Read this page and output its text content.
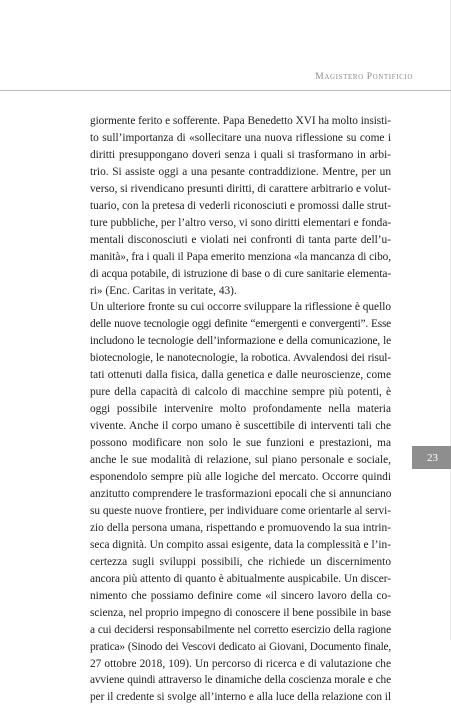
Magistero Pontificio
giormente ferito e sofferente. Papa Benedetto XVI ha molto insisti-
to sull’importanza di «sollecitare una nuova riflessione su come i
diritti presuppongano doveri senza i quali si trasformano in arbi-
trio. Si assiste oggi a una pesante contraddizione. Mentre, per un
verso, si rivendicano presunti diritti, di carattere arbitrario e volut-
tuario, con la pretesa di vederli riconosciuti e promossi dalle strut-
ture pubbliche, per l’altro verso, vi sono diritti elementari e fonda-
mentali disconosciuti e violati nei confronti di tanta parte dell’u-
manità», fra i quali il Papa emerito menziona «la mancanza di cibo,
di acqua potabile, di istruzione di base o di cure sanitarie elementa-
ri» (Enc. Caritas in veritate, 43).
Un ulteriore fronte su cui occorre sviluppare la riflessione è quello
delle nuove tecnologie oggi definite “emergenti e convergenti”. Esse
includono le tecnologie dell’informazione e della comunicazione, le
biotecnologie, le nanotecnologie, la robotica. Avvalendosi dei risul-
tati ottenuti dalla fisica, dalla genetica e dalle neuroscienze, come
pure della capacità di calcolo di macchine sempre più potenti, è
oggi possibile intervenire molto profondamente nella materia
vivente. Anche il corpo umano è suscettibile di interventi tali che
possono modificare non solo le sue funzioni e prestazioni, ma
anche le sue modalità di relazione, sul piano personale e sociale,
esponendolo sempre più alle logiche del mercato. Occorre quindi
anzitutto comprendere le trasformazioni epocali che si annunciano
su queste nuove frontiere, per individuare come orientarle al servi-
zio della persona umana, rispettando e promuovendo la sua intrin-
seca dignità. Un compito assai esigente, data la complessità e l’in-
certezza sugli sviluppi possibili, che richiede un discernimento
ancora più attento di quanto è abitualmente auspicabile. Un discer-
nimento che possiamo definire come «il sincero lavoro della co-
scienza, nel proprio impegno di conoscere il bene possibile in base
a cui decidersi responsabilmente nel corretto esercizio della ragione
pratica» (Sinodo dei Vescovi dedicato ai Giovani, Documento finale,
27 ottobre 2018, 109). Un percorso di ricerca e di valutazione che
avviene quindi attraverso le dinamiche della coscienza morale e che
per il credente si svolge all’interno e alla luce della relazione con il
23
